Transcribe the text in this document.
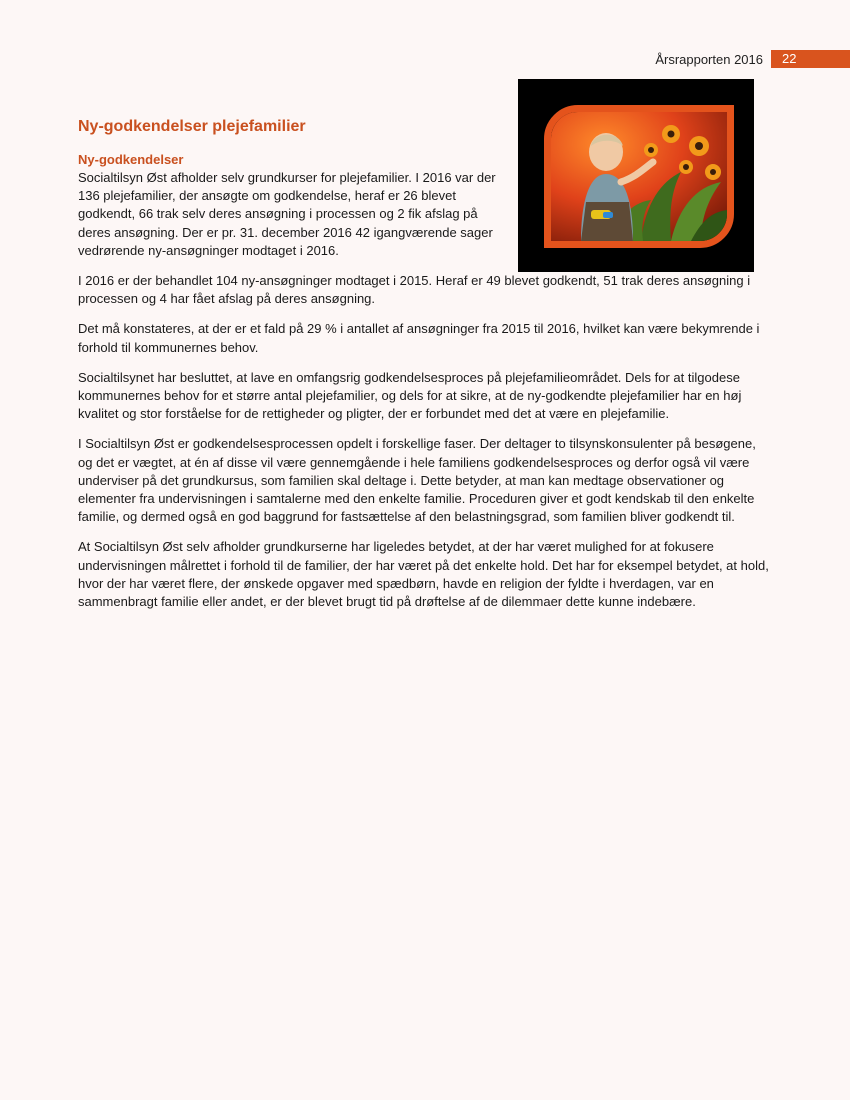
Årsrapporten 2016	22
Ny-godkendelser plejefamilier
Ny-godkendelser

Socialtilsyn Øst afholder selv grundkurser for plejefamilier. I 2016 var der 136 plejefamilier, der ansøgte om godkendelse, heraf er 26 blevet godkendt, 66 trak selv deres ansøgning i processen og 2 fik afslag på deres ansøgning. Der er pr. 31. december 2016 42 igangværende sager vedrørende ny-ansøgninger modtaget i 2016.

I 2016 er der behandlet 104 ny-ansøgninger modtaget i 2015. Heraf er 49 blevet godkendt, 51 trak deres ansøgning i processen og 4 har fået afslag på deres ansøgning.

Det må konstateres, at der er et fald på 29 % i antallet af ansøgninger fra 2015 til 2016, hvilket kan være bekymrende i forhold til kommunernes behov.

Socialtilsynet har besluttet, at lave en omfangsrig godkendelsesproces på plejefamilieområdet. Dels for at tilgodese kommunernes behov for et større antal plejefamilier, og dels for at sikre, at de ny-godkendte plejefamilier har en høj kvalitet og stor forståelse for de rettigheder og pligter, der er forbundet med det at være en plejefamilie.

I Socialtilsyn Øst er godkendelsesprocessen opdelt i forskellige faser. Der deltager to tilsynskonsulenter på besøgene, og det er vægtet, at én af disse vil være gennemgående i hele familiens godkendelsesproces og derfor også vil være underviser på det grundkursus, som familien skal deltage i. Dette betyder, at man kan medtage observationer og elementer fra undervisningen i samtalerne med den enkelte familie. Proceduren giver et godt kendskab til den enkelte familie, og dermed også en god baggrund for fastsættelse af den belastningsgrad, som familien bliver godkendt til.

At Socialtilsyn Øst selv afholder grundkurserne har ligeledes betydet, at der har været mulighed for at fokusere undervisningen målrettet i forhold til de familier, der har været på det enkelte hold. Det har for eksempel betydet, at hold, hvor der har været flere, der ønskede opgaver med spædbørn, havde en religion der fyldte i hverdagen, var en sammenbragt familie eller andet, er der blevet brugt tid på drøftelse af de dilemmaer dette kunne indebære.
